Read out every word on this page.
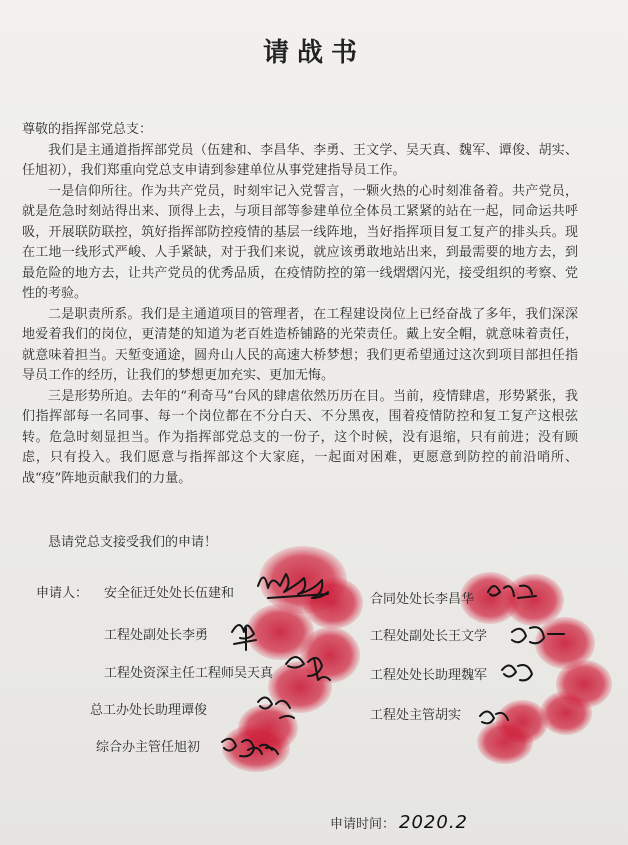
请战书

尊敬的指挥部党总支：

我们是主通道指挥部党员（伍建和、李昌华、李勇、王文学、吴天真、魏军、谭俊、胡实、任旭初），我们郑重向党总支申请到参建单位从事党建指导员工作。

一是信仰所往。作为共产党员，时刻牢记入党誓言，一颗火热的心时刻准备着。共产党员，就是危急时刻站得出来、顶得上去，与项目部等参建单位全体员工紧紧的站在一起，同命运共呼吸，开展联防联控，筑好指挥部防控疫情的基层一线阵地，当好指挥项目复工复产的排头兵。现在工地一线形式严峻、人手紧缺，对于我们来说，就应该勇敢地站出来，到最需要的地方去，到最危险的地方去，让共产党员的优秀品质，在疫情防控的第一线熠熠闪光，接受组织的考察、党性的考验。

二是职责所系。我们是主通道项目的管理者，在工程建设岗位上已经奋战了多年，我们深深地爱着我们的岗位，更清楚的知道为老百姓造桥铺路的光荣责任。戴上安全帽，就意味着责任，就意味着担当。天堑变通途，圆舟山人民的高速大桥梦想；我们更希望通过这次到项目部担任指导员工作的经历，让我们的梦想更加充实、更加无悔。

三是形势所迫。去年的“利奇马”台风的肆虐依然历历在目。当前，疫情肆虐，形势紧张，我们指挥部每一名同事、每一个岗位都在不分白天、不分黑夜，围着疫情防控和复工复产这根弦转。危急时刻显担当。作为指挥部党总支的一份子，这个时候，没有退缩，只有前进；没有顾虑，只有投入。我们愿意与指挥部这个大家庭，一起面对困难，更愿意到防控的前沿哨所、战“疫”阵地贡献我们的力量。

恳请党总支接受我们的申请！
申请人： 安全征迁处处长伍建和
工程处副处长李勇
工程处资深主任工程师吴天真
总工办处长助理谭俊
综合办主管任旭初
合同处处长李昌华
工程处副处长王文学
工程处处长助理魏军
工程处主管胡实
申请时间： 2020.2
